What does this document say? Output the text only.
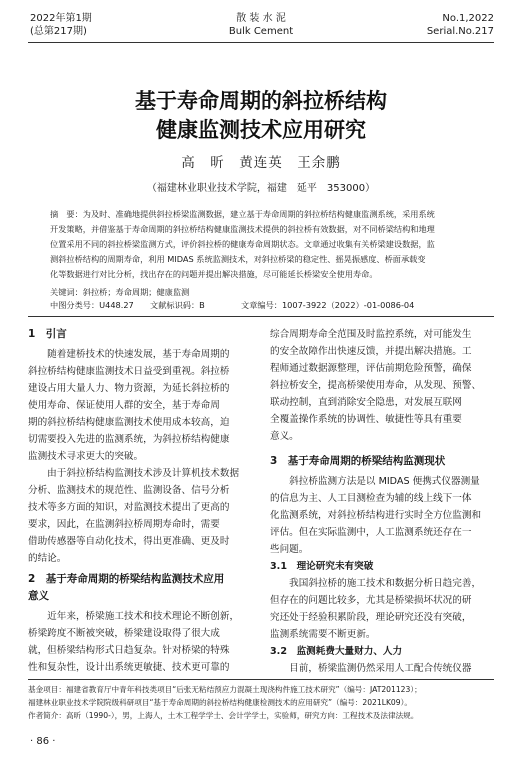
2022年第1期
(总第217期)
散 装 水 泥
Bulk Cement
No.1,2022
Serial.No.217
基于寿命周期的斜拉桥结构
健康监测技术应用研究
高　昕　黄连英　王余鹏
（福建林业职业技术学院，福建　延平　353000）
摘　要：为及时、准确地提供斜拉桥梁监测数据，建立基于寿命周期的斜拉桥结构健康监测系统，采用系统
开发策略，并借鉴基于寿命周期的斜拉桥结构健康监测技术提供的斜拉桥有效数据，对不同桥梁结构和地理
位置采用不同的斜拉桥梁监测方式，评价斜拉桥的健康寿命周期状态。文章通过收集有关桥梁建设数据，监
测斜拉桥结构的周期寿命，利用 MIDAS 系统监测技术，对斜拉桥梁的稳定性、摇晃振感度、桥面承载变
化等数据进行对比分析，找出存在的问题并提出解决措施，尽可能延长桥梁安全使用寿命。
关键词：斜拉桥；寿命周期；健康监测
中图分类号：U448.27 文献标识码：B	文章编号：1007-3922（2022）-01-0086-04
1　引言

　　随着建桥技术的快速发展，基于寿命周期的
斜拉桥结构健康监测技术日益受到重视。斜拉桥
建设占用大量人力、物力资源，为延长斜拉桥的
使用寿命、保证使用人群的安全，基于寿命周
期的斜拉桥结构健康监测技术使用成本较高，迫
切需要投入先进的监测系统，为斜拉桥结构健康
监测技术寻求更大的突破。

　　由于斜拉桥结构监测技术涉及计算机技术数据
分析、监测技术的规范性、监测设备、信号分析
技术等多方面的知识，对监测技术提出了更高的
要求，因此，在监测斜拉桥周期寿命时，需要
借助传感器等自动化技术，得出更准确、更及时
的结论。

2　基于寿命周期的桥梁结构监测技术应用
意义

　　近年来，桥梁施工技术和技术理论不断创新，
桥梁跨度不断被突破，桥梁建设取得了很大成
就，但桥梁结构形式日趋复杂。针对桥梁的特殊
性和复杂性，设计出系统更敏捷、技术更可靠的

综合周期寿命全范围及时监控系统，对可能发生
的安全故障作出快速反馈，并提出解决措施。工
程师通过数据源整理，评估前期危险预警，确保
斜拉桥安全，提高桥梁使用寿命，从发现、预警、
联动控制，直到消除安全隐患，对发展互联网
全覆盖操作系统的协调性、敏捷性等具有重要
意义。

3　基于寿命周期的桥梁结构监测现状

　　斜拉桥监测方法是以 MIDAS 便携式仪器测量
的信息为主、人工目测检查为辅的线上线下一体
化监测系统，对斜拉桥结构进行实时全方位监测和
评估。但在实际监测中，人工监测系统还存在一
些问题。

3.1　理论研究未有突破

　　我国斜拉桥的施工技术和数据分析日趋完善，
但存在的问题比较多，尤其是桥梁损坏状况的研
究还处于经验积累阶段，理论研究还没有突破，
监测系统需要不断更新。

3.2　监测耗费大量财力、人力

　　目前，桥梁监测仍然采用人工配合传统仪器

基金项目：福建省教育厅中青年科技类项目“后张无粘结预应力混凝土现浇构件施工技术研究”（编号：JAT201123）；
福建林业职业技术学院院级科研项目“基于寿命周期的斜拉桥结构健康检测技术的应用研究”（编号：2021LK09）。
作者简介：高昕（1990-），男，上海人，土木工程学学士、会计学学士，实验师，研究方向：工程技术及法律法规。
· 86 ·
